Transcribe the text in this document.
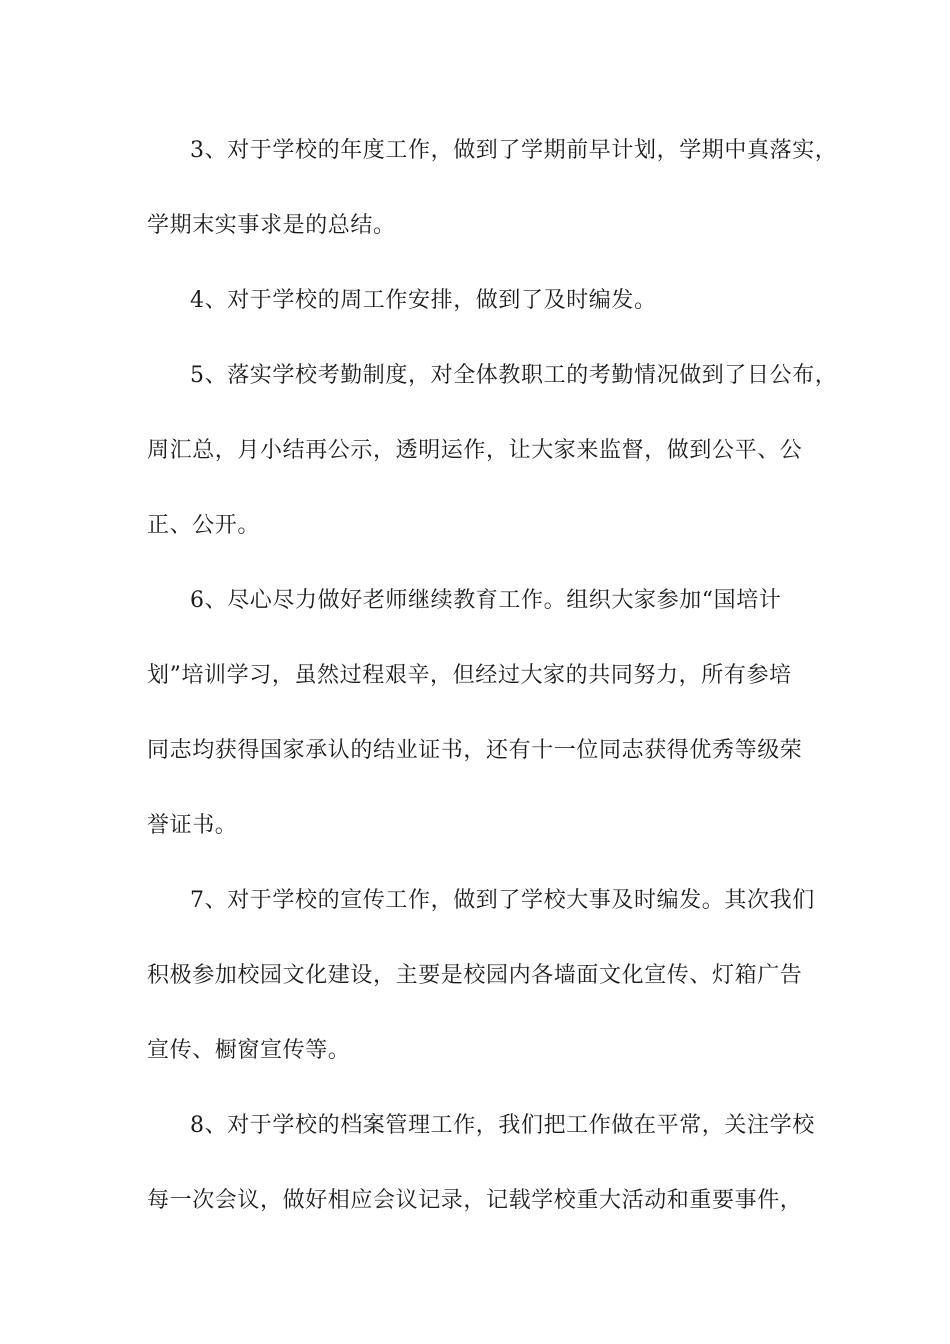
3、对于学校的年度工作，做到了学期前早计划，学期中真落实，
学期末实事求是的总结。
4、对于学校的周工作安排，做到了及时编发。
5、落实学校考勤制度，对全体教职工的考勤情况做到了日公布，
周汇总，月小结再公示，透明运作，让大家来监督，做到公平、公
正、公开。
6、尽心尽力做好老师继续教育工作。组织大家参加“国培计
划”培训学习，虽然过程艰辛，但经过大家的共同努力，所有参培
同志均获得国家承认的结业证书，还有十一位同志获得优秀等级荣
誉证书。
7、对于学校的宣传工作，做到了学校大事及时编发。其次我们
积极参加校园文化建设，主要是校园内各墙面文化宣传、灯箱广告
宣传、橱窗宣传等。
8、对于学校的档案管理工作，我们把工作做在平常，关注学校
每一次会议，做好相应会议记录，记载学校重大活动和重要事件，
